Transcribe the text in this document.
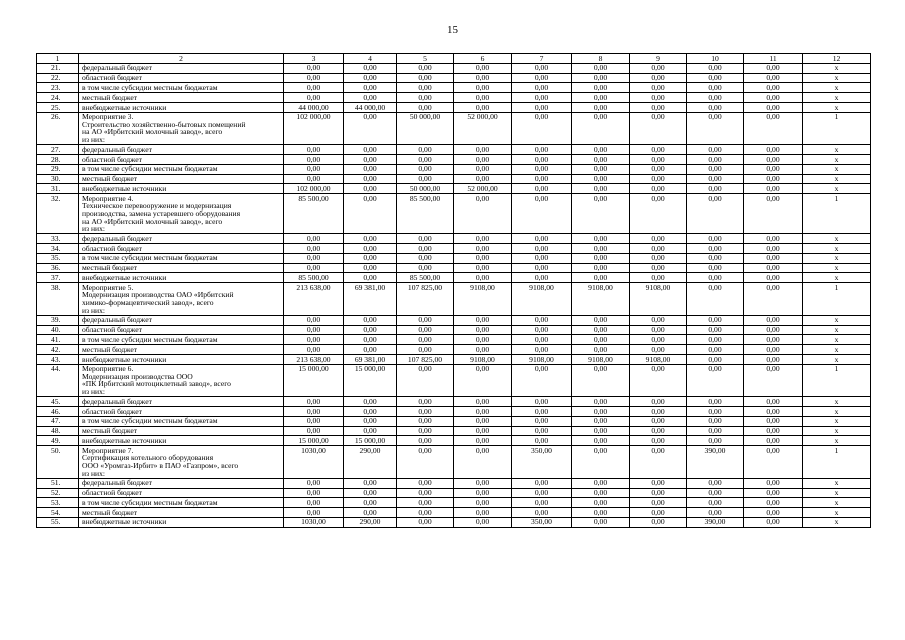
15
1	2	3	4	5	6	7	8	9	10	11	12
21.	федеральный бюджет	0,00	0,00	0,00	0,00	0,00	0,00	0,00	0,00	0,00	х
22.	областной бюджет	0,00	0,00	0,00	0,00	0,00	0,00	0,00	0,00	0,00	х
23.	в том числе субсидии местным бюджетам	0,00	0,00	0,00	0,00	0,00	0,00	0,00	0,00	0,00	х
24.	местный бюджет	0,00	0,00	0,00	0,00	0,00	0,00	0,00	0,00	0,00	х
25.	внебюджетные источники	44 000,00	44 000,00	0,00	0,00	0,00	0,00	0,00	0,00	0,00	х
26.	Мероприятие 3.
Строительство хозяйственно-бытовых помещений
на АО «Ирбитский молочный завод», всего
из них:	102 000,00	0,00	50 000,00	52 000,00	0,00	0,00	0,00	0,00	0,00	1
27.	федеральный бюджет	0,00	0,00	0,00	0,00	0,00	0,00	0,00	0,00	0,00	х
28.	областной бюджет	0,00	0,00	0,00	0,00	0,00	0,00	0,00	0,00	0,00	х
29.	в том числе субсидии местным бюджетам	0,00	0,00	0,00	0,00	0,00	0,00	0,00	0,00	0,00	х
30.	местный бюджет	0,00	0,00	0,00	0,00	0,00	0,00	0,00	0,00	0,00	х
31.	внебюджетные источники	102 000,00	0,00	50 000,00	52 000,00	0,00	0,00	0,00	0,00	0,00	х
32.	Мероприятие 4.
Техническое перевооружение и модернизация
производства, замена устаревшего оборудования
на АО «Ирбитский молочный завод», всего
из них:	85 500,00	0,00	85 500,00	0,00	0,00	0,00	0,00	0,00	0,00	1
33.	федеральный бюджет	0,00	0,00	0,00	0,00	0,00	0,00	0,00	0,00	0,00	х
34.	областной бюджет	0,00	0,00	0,00	0,00	0,00	0,00	0,00	0,00	0,00	х
35.	в том числе субсидии местным бюджетам	0,00	0,00	0,00	0,00	0,00	0,00	0,00	0,00	0,00	х
36.	местный бюджет	0,00	0,00	0,00	0,00	0,00	0,00	0,00	0,00	0,00	х
37.	внебюджетные источники	85 500,00	0,00	85 500,00	0,00	0,00	0,00	0,00	0,00	0,00	х
38.	Мероприятие 5.
Модернизация производства ОАО «Ирбитский
химико-формацевтический завод», всего
из них:	213 638,00	69 381,00	107 825,00	9108,00	9108,00	9108,00	9108,00	0,00	0,00	1
39.	федеральный бюджет	0,00	0,00	0,00	0,00	0,00	0,00	0,00	0,00	0,00	х
40.	областной бюджет	0,00	0,00	0,00	0,00	0,00	0,00	0,00	0,00	0,00	х
41.	в том числе субсидии местным бюджетам	0,00	0,00	0,00	0,00	0,00	0,00	0,00	0,00	0,00	х
42.	местный бюджет	0,00	0,00	0,00	0,00	0,00	0,00	0,00	0,00	0,00	х
43.	внебюджетные источники	213 638,00	69 381,00	107 825,00	9108,00	9108,00	9108,00	9108,00	0,00	0,00	х
44.	Мероприятие 6.
Модернизация производства ООО
«ПК Ирбитский мотоциклетный завод», всего
из них:	15 000,00	15 000,00	0,00	0,00	0,00	0,00	0,00	0,00	0,00	1
45.	федеральный бюджет	0,00	0,00	0,00	0,00	0,00	0,00	0,00	0,00	0,00	х
46.	областной бюджет	0,00	0,00	0,00	0,00	0,00	0,00	0,00	0,00	0,00	х
47.	в том числе субсидии местным бюджетам	0,00	0,00	0,00	0,00	0,00	0,00	0,00	0,00	0,00	х
48.	местный бюджет	0,00	0,00	0,00	0,00	0,00	0,00	0,00	0,00	0,00	х
49.	внебюджетные источники	15 000,00	15 000,00	0,00	0,00	0,00	0,00	0,00	0,00	0,00	х
50.	Мероприятие 7.
Сертификация котельного оборудования
ООО «Уромгаз-Ирбит» в ПАО «Газпром», всего
из них:	1030,00	290,00	0,00	0,00	350,00	0,00	0,00	390,00	0,00	1
51.	федеральный бюджет	0,00	0,00	0,00	0,00	0,00	0,00	0,00	0,00	0,00	х
52.	областной бюджет	0,00	0,00	0,00	0,00	0,00	0,00	0,00	0,00	0,00	х
53.	в том числе субсидии местным бюджетам	0,00	0,00	0,00	0,00	0,00	0,00	0,00	0,00	0,00	х
54.	местный бюджет	0,00	0,00	0,00	0,00	0,00	0,00	0,00	0,00	0,00	х
55.	внебюджетные источники	1030,00	290,00	0,00	0,00	350,00	0,00	0,00	390,00	0,00	х
